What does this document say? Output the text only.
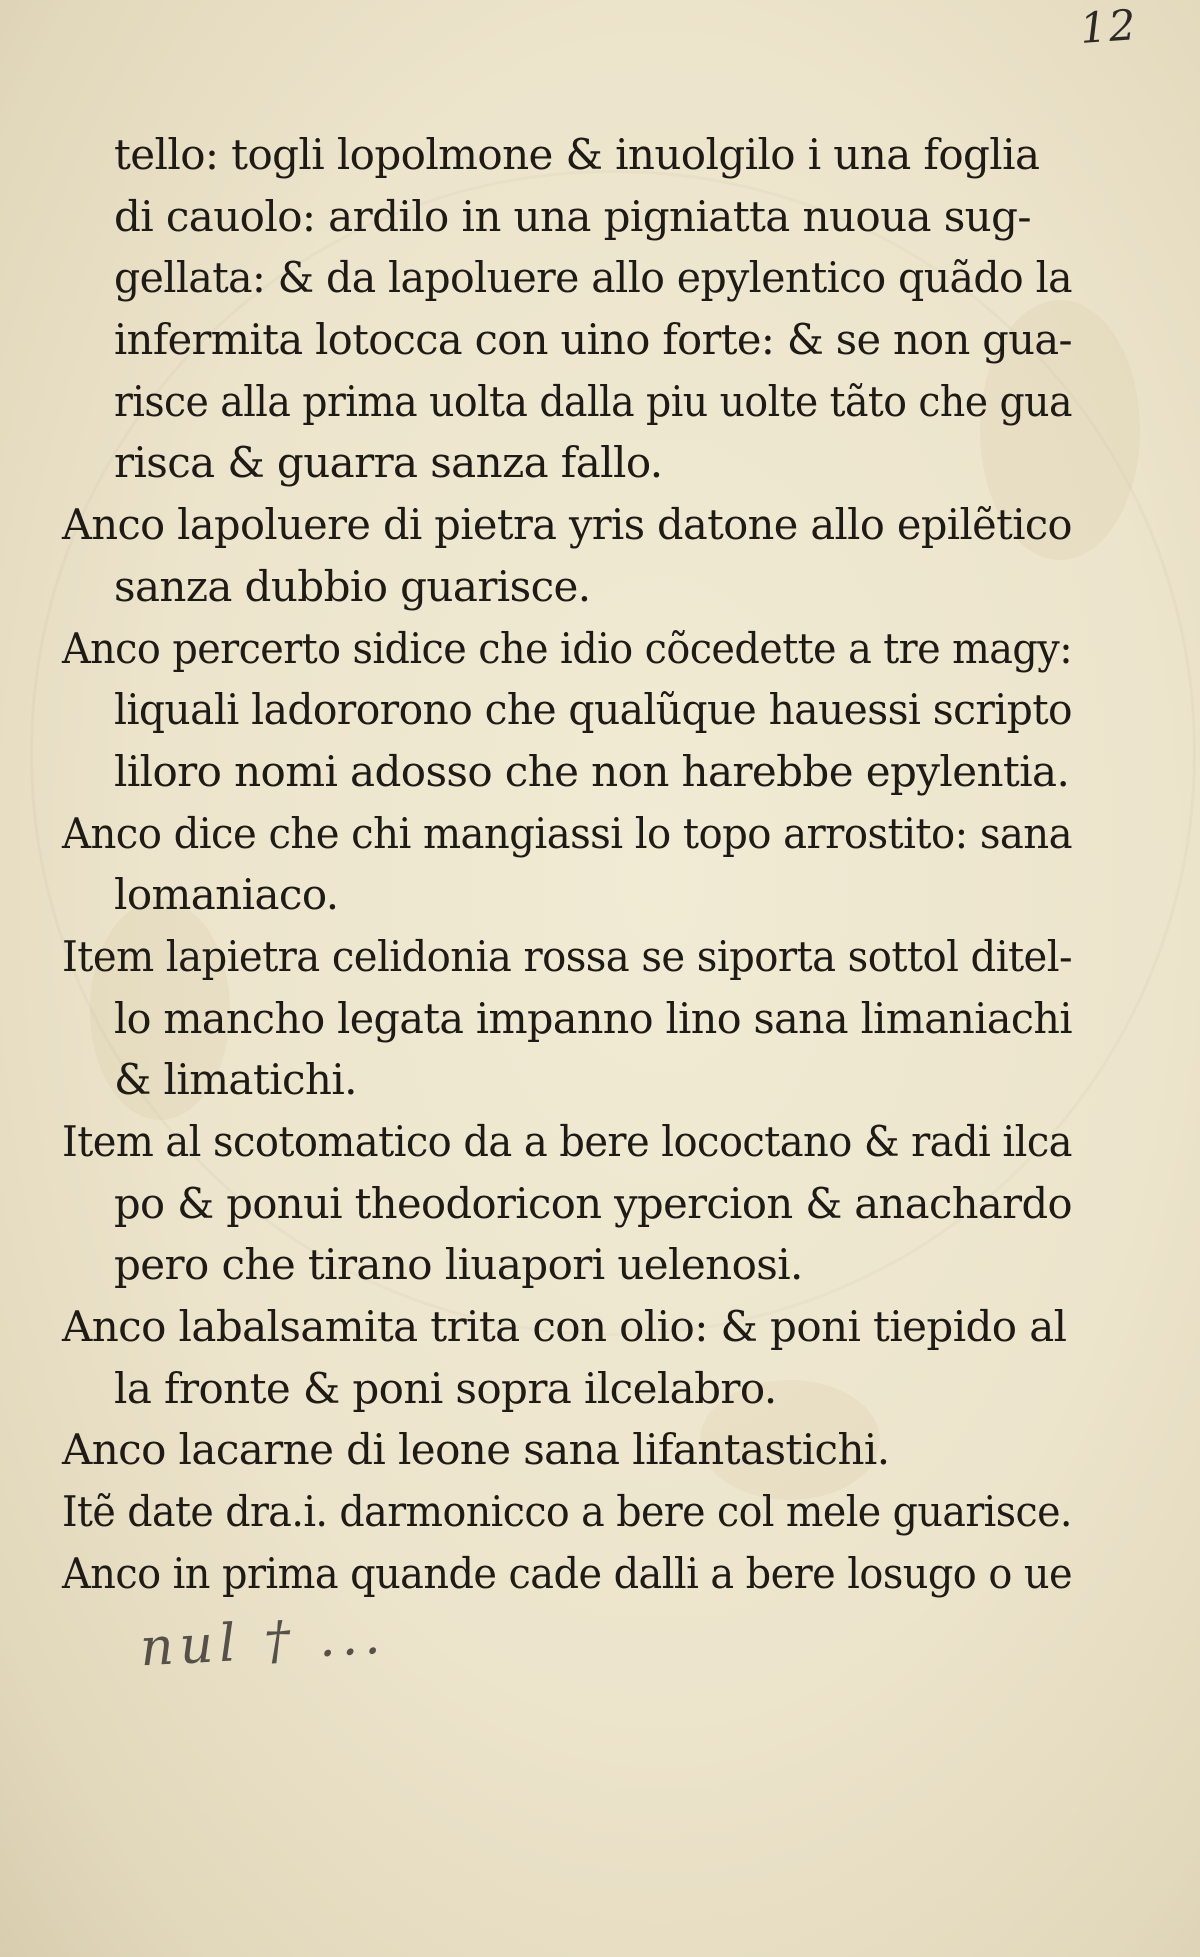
12
tello: togli lopolmone & inuolgilo i una foglia
di cauolo: ardilo in una pigniatta nuoua sug-
gellata: & da lapoluere allo epylentico quãdo la
infermita lotocca con uino forte: & se non gua-
risce alla prima uolta dalla piu uolte tãto che gua
risca & guarra sanza fallo.
Anco lapoluere di pietra yris datone allo epilẽtico
sanza dubbio guarisce.
Anco percerto sidice che idio cõcedette a tre magy:
liquali ladororono che qualũque hauessi scripto
liloro nomi adosso che non harebbe epylentia.
Anco dice che chi mangiassi lo topo arrostito: sana
lomaniaco.
Item lapietra celidonia rossa se siporta sottol ditel-
lo mancho legata impanno lino sana limaniachi
& limatichi.
Item al scotomatico da a bere lococtano & radi ilca
po & ponui theodoricon ypercion & anachardo
pero che tirano liuapori uelenosi.
Anco labalsamita trita con olio: & poni tiepido al
la fronte & poni sopra ilcelabro.
Anco lacarne di leone sana lifantastichi.
Itẽ date dra.i. darmonicco a bere col mele guarisce.
Anco in prima quande cade dalli a bere losugo o ue
nul † ...
